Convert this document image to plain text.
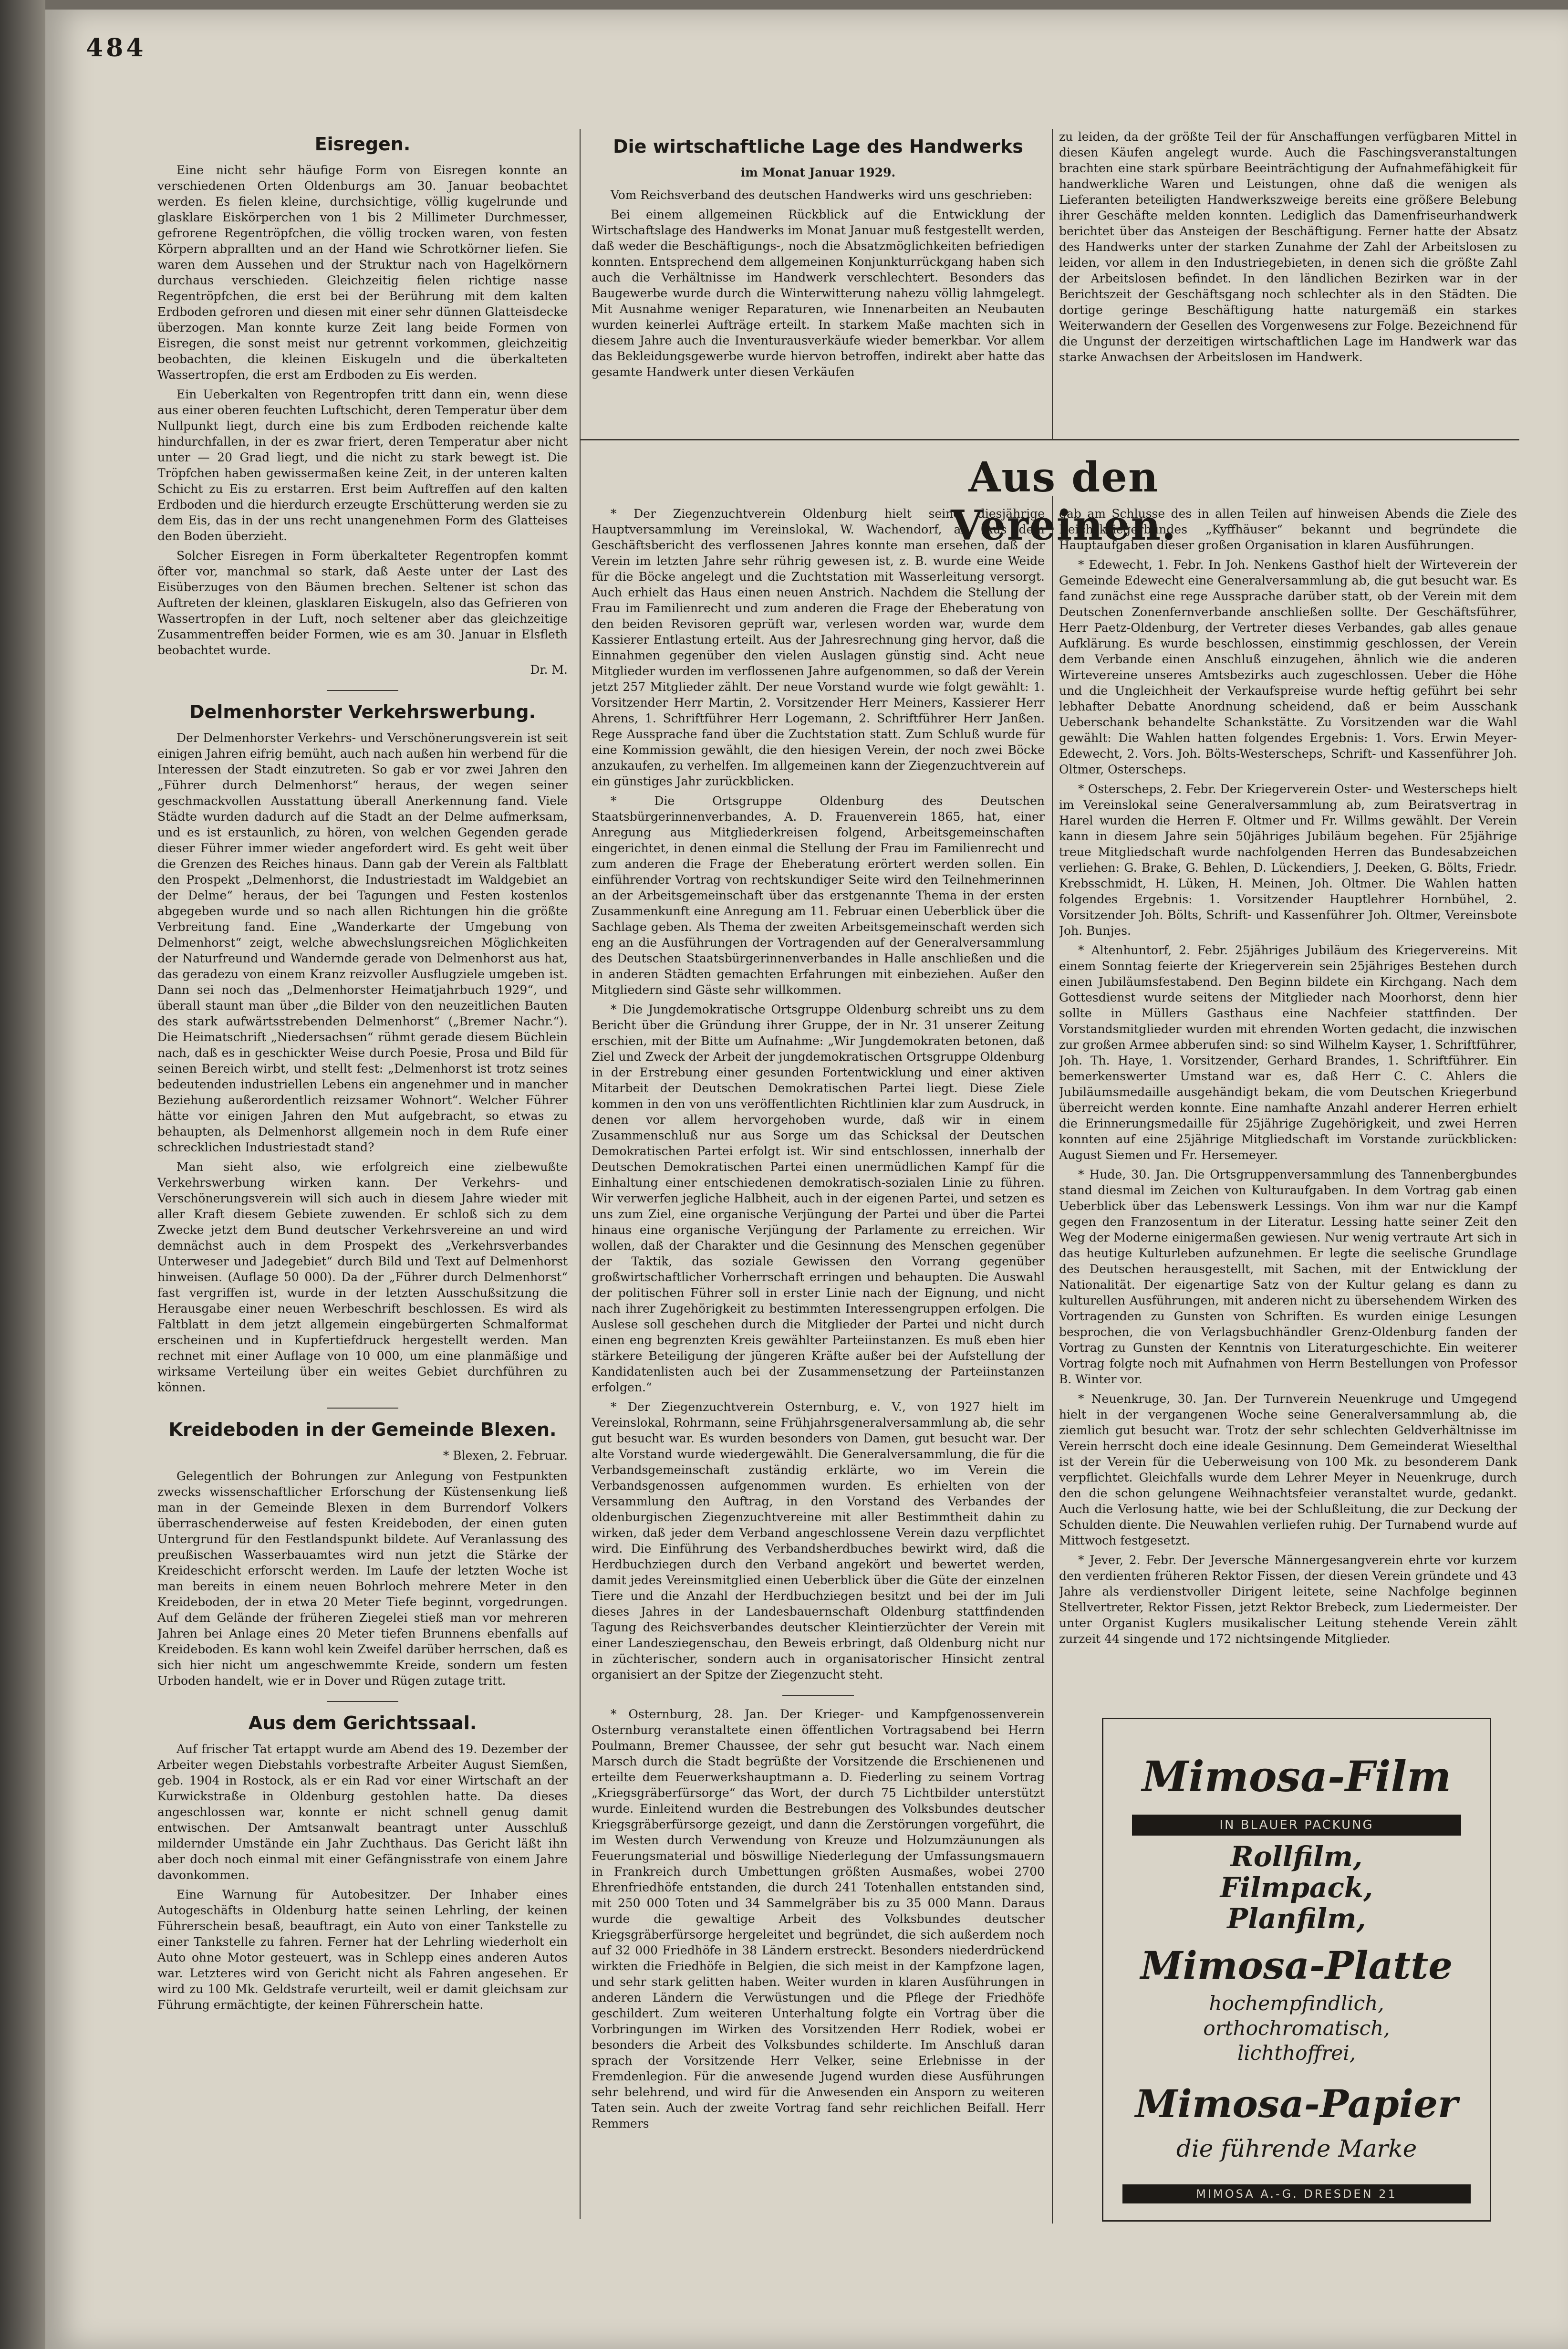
484
Eisregen.

Eine nicht sehr häufige Form von Eisregen konnte an verschiedenen Orten Oldenburgs am 30. Januar beobachtet werden. Es fielen kleine, durchsichtige, völlig kugelrunde und glasklare Eiskörperchen von 1 bis 2 Millimeter Durchmesser, gefrorene Regentröpfchen, die völlig trocken waren, von festen Körpern abprallten und an der Hand wie Schrotkörner liefen. Sie waren dem Aussehen und der Struktur nach von Hagelkörnern durchaus verschieden. Gleichzeitig fielen richtige nasse Regentröpfchen, die erst bei der Berührung mit dem kalten Erdboden gefroren und diesen mit einer sehr dünnen Glatteisdecke überzogen. Man konnte kurze Zeit lang beide Formen von Eisregen, die sonst meist nur getrennt vorkommen, gleichzeitig beobachten, die kleinen Eiskugeln und die überkalteten Wassertropfen, die erst am Erdboden zu Eis werden.

Ein Ueberkalten von Regentropfen tritt dann ein, wenn diese aus einer oberen feuchten Luftschicht, deren Temperatur über dem Nullpunkt liegt, durch eine bis zum Erdboden reichende kalte hindurchfallen, in der es zwar friert, deren Temperatur aber nicht unter — 20 Grad liegt, und die nicht zu stark bewegt ist. Die Tröpfchen haben gewissermaßen keine Zeit, in der unteren kalten Schicht zu Eis zu erstarren. Erst beim Auftreffen auf den kalten Erdboden und die hierdurch erzeugte Erschütterung werden sie zu dem Eis, das in der uns recht unangenehmen Form des Glatteises den Boden überzieht.

Solcher Eisregen in Form überkalteter Regentropfen kommt öfter vor, manchmal so stark, daß Aeste unter der Last des Eisüberzuges von den Bäumen brechen. Seltener ist schon das Auftreten der kleinen, glasklaren Eiskugeln, also das Gefrieren von Wassertropfen in der Luft, noch seltener aber das gleichzeitige Zusammentreffen beider Formen, wie es am 30. Januar in Elsfleth beobachtet wurde.

Dr. M.

Delmenhorster Verkehrswerbung.

Der Delmenhorster Verkehrs- und Verschönerungsverein ist seit einigen Jahren eifrig bemüht, auch nach außen hin werbend für die Interessen der Stadt einzutreten. So gab er vor zwei Jahren den „Führer durch Delmenhorst“ heraus, der wegen seiner geschmackvollen Ausstattung überall Anerkennung fand. Viele Städte wurden dadurch auf die Stadt an der Delme aufmerksam, und es ist erstaunlich, zu hören, von welchen Gegenden gerade dieser Führer immer wieder angefordert wird. Es geht weit über die Grenzen des Reiches hinaus. Dann gab der Verein als Faltblatt den Prospekt „Delmenhorst, die Industriestadt im Waldgebiet an der Delme“ heraus, der bei Tagungen und Festen kostenlos abgegeben wurde und so nach allen Richtungen hin die größte Verbreitung fand. Eine „Wanderkarte der Umgebung von Delmenhorst“ zeigt, welche abwechslungsreichen Möglichkeiten der Naturfreund und Wandernde gerade von Delmenhorst aus hat, das geradezu von einem Kranz reizvoller Ausflugziele umgeben ist. Dann sei noch das „Delmenhorster Heimatjahrbuch 1929“, und überall staunt man über „die Bilder von den neuzeitlichen Bauten des stark aufwärtsstrebenden Delmenhorst“ („Bremer Nachr.“). Die Heimatschrift „Niedersachsen“ rühmt gerade diesem Büchlein nach, daß es in geschickter Weise durch Poesie, Prosa und Bild für seinen Bereich wirbt, und stellt fest: „Delmenhorst ist trotz seines bedeutenden industriellen Lebens ein angenehmer und in mancher Beziehung außerordentlich reizsamer Wohnort“. Welcher Führer hätte vor einigen Jahren den Mut aufgebracht, so etwas zu behaupten, als Delmenhorst allgemein noch in dem Rufe einer schrecklichen Industriestadt stand?

Man sieht also, wie erfolgreich eine zielbewußte Verkehrswerbung wirken kann. Der Verkehrs- und Verschönerungsverein will sich auch in diesem Jahre wieder mit aller Kraft diesem Gebiete zuwenden. Er schloß sich zu dem Zwecke jetzt dem Bund deutscher Verkehrsvereine an und wird demnächst auch in dem Prospekt des „Verkehrsverbandes Unterweser und Jadegebiet“ durch Bild und Text auf Delmenhorst hinweisen. (Auflage 50 000). Da der „Führer durch Delmenhorst“ fast vergriffen ist, wurde in der letzten Ausschußsitzung die Herausgabe einer neuen Werbeschrift beschlossen. Es wird als Faltblatt in dem jetzt allgemein eingebürgerten Schmalformat erscheinen und in Kupfertiefdruck hergestellt werden. Man rechnet mit einer Auflage von 10 000, um eine planmäßige und wirksame Verteilung über ein weites Gebiet durchführen zu können.

Kreideboden in der Gemeinde Blexen.
* Blexen, 2. Februar.

Gelegentlich der Bohrungen zur Anlegung von Festpunkten zwecks wissenschaftlicher Erforschung der Küstensenkung ließ man in der Gemeinde Blexen in dem Burrendorf Volkers überraschenderweise auf festen Kreideboden, der einen guten Untergrund für den Festlandspunkt bildete. Auf Veranlassung des preußischen Wasserbauamtes wird nun jetzt die Stärke der Kreideschicht erforscht werden. Im Laufe der letzten Woche ist man bereits in einem neuen Bohrloch mehrere Meter in den Kreideboden, der in etwa 20 Meter Tiefe beginnt, vorgedrungen. Auf dem Gelände der früheren Ziegelei stieß man vor mehreren Jahren bei Anlage eines 20 Meter tiefen Brunnens ebenfalls auf Kreideboden. Es kann wohl kein Zweifel darüber herrschen, daß es sich hier nicht um angeschwemmte Kreide, sondern um festen Urboden handelt, wie er in Dover und Rügen zutage tritt.

Aus dem Gerichtssaal.

Auf frischer Tat ertappt wurde am Abend des 19. Dezember der Arbeiter wegen Diebstahls vorbestrafte Arbeiter August Siemßen, geb. 1904 in Rostock, als er ein Rad vor einer Wirtschaft an der Kurwickstraße in Oldenburg gestohlen hatte. Da dieses angeschlossen war, konnte er nicht schnell genug damit entwischen. Der Amtsanwalt beantragt unter Ausschluß mildernder Umstände ein Jahr Zuchthaus. Das Gericht läßt ihn aber doch noch einmal mit einer Gefängnisstrafe von einem Jahre davonkommen.

Eine Warnung für Autobesitzer. Der Inhaber eines Autogeschäfts in Oldenburg hatte seinen Lehrling, der keinen Führerschein besaß, beauftragt, ein Auto von einer Tankstelle zu einer Tankstelle zu fahren. Ferner hat der Lehrling wiederholt ein Auto ohne Motor gesteuert, was in Schlepp eines anderen Autos war. Letzteres wird von Gericht nicht als Fahren angesehen. Er wird zu 100 Mk. Geldstrafe verurteilt, weil er damit gleichsam zur Führung ermächtigte, der keinen Führerschein hatte.

Die wirtschaftliche Lage des Handwerks
im Monat Januar 1929.

Vom Reichsverband des deutschen Handwerks wird uns geschrieben:

Bei einem allgemeinen Rückblick auf die Entwicklung der Wirtschaftslage des Handwerks im Monat Januar muß festgestellt werden, daß weder die Beschäftigungs-, noch die Absatzmöglichkeiten befriedigen konnten. Entsprechend dem allgemeinen Konjunkturrückgang haben sich auch die Verhältnisse im Handwerk verschlechtert. Besonders das Baugewerbe wurde durch die Winterwitterung nahezu völlig lahmgelegt. Mit Ausnahme weniger Reparaturen, wie Innenarbeiten an Neubauten wurden keinerlei Aufträge erteilt. In starkem Maße machten sich in diesem Jahre auch die Inventurausverkäufe wieder bemerkbar. Vor allem das Bekleidungsgewerbe wurde hiervon betroffen, indirekt aber hatte das gesamte Handwerk unter diesen Verkäufen

zu leiden, da der größte Teil der für Anschaffungen verfügbaren Mittel in diesen Käufen angelegt wurde. Auch die Faschingsveranstaltungen brachten eine stark spürbare Beeinträchtigung der Aufnahmefähigkeit für handwerkliche Waren und Leistungen, ohne daß die wenigen als Lieferanten beteiligten Handwerkszweige bereits eine größere Belebung ihrer Geschäfte melden konnten. Lediglich das Damenfriseurhandwerk berichtet über das Ansteigen der Beschäftigung. Ferner hatte der Absatz des Handwerks unter der starken Zunahme der Zahl der Arbeitslosen zu leiden, vor allem in den Industriegebieten, in denen sich die größte Zahl der Arbeitslosen befindet. In den ländlichen Bezirken war in der Berichtszeit der Geschäftsgang noch schlechter als in den Städten. Die dortige geringe Beschäftigung hatte naturgemäß ein starkes Weiterwandern der Gesellen des Vorgenwesens zur Folge. Bezeichnend für die Ungunst der derzeitigen wirtschaftlichen Lage im Handwerk war das starke Anwachsen der Arbeitslosen im Handwerk.

Aus den Vereinen.

* Der Ziegenzuchtverein Oldenburg hielt seine diesjährige Hauptversammlung im Vereinslokal, W. Wachendorf, ab. Aus dem Geschäftsbericht des verflossenen Jahres konnte man ersehen, daß der Verein im letzten Jahre sehr rührig gewesen ist, z. B. wurde eine Weide für die Böcke angelegt und die Zuchtstation mit Wasserleitung versorgt. Auch erhielt das Haus einen neuen Anstrich. Nachdem die Stellung der Frau im Familienrecht und zum anderen die Frage der Eheberatung von den beiden Revisoren geprüft war, verlesen worden war, wurde dem Kassierer Entlastung erteilt. Aus der Jahresrechnung ging hervor, daß die Einnahmen gegenüber den vielen Auslagen günstig sind. Acht neue Mitglieder wurden im verflossenen Jahre aufgenommen, so daß der Verein jetzt 257 Mitglieder zählt. Der neue Vorstand wurde wie folgt gewählt: 1. Vorsitzender Herr Martin, 2. Vorsitzender Herr Meiners, Kassierer Herr Ahrens, 1. Schriftführer Herr Logemann, 2. Schriftführer Herr Janßen. Rege Aussprache fand über die Zuchtstation statt. Zum Schluß wurde für eine Kommission gewählt, die den hiesigen Verein, der noch zwei Böcke anzukaufen, zu verhelfen. Im allgemeinen kann der Ziegenzuchtverein auf ein günstiges Jahr zurückblicken.

* Die Ortsgruppe Oldenburg des Deutschen Staatsbürgerinnenverbandes, A. D. Frauenverein 1865, hat, einer Anregung aus Mitgliederkreisen folgend, Arbeitsgemeinschaften eingerichtet, in denen einmal die Stellung der Frau im Familienrecht und zum anderen die Frage der Eheberatung erörtert werden sollen. Ein einführender Vortrag von rechtskundiger Seite wird den Teilnehmerinnen an der Arbeitsgemeinschaft über das erstgenannte Thema in der ersten Zusammenkunft eine Anregung am 11. Februar einen Ueberblick über die Sachlage geben. Als Thema der zweiten Arbeitsgemeinschaft werden sich eng an die Ausführungen der Vortragenden auf der Generalversammlung des Deutschen Staatsbürgerinnenverbandes in Halle anschließen und die in anderen Städten gemachten Erfahrungen mit einbeziehen. Außer den Mitgliedern sind Gäste sehr willkommen.

* Die Jungdemokratische Ortsgruppe Oldenburg schreibt uns zu dem Bericht über die Gründung ihrer Gruppe, der in Nr. 31 unserer Zeitung erschien, mit der Bitte um Aufnahme: „Wir Jungdemokraten betonen, daß Ziel und Zweck der Arbeit der jungdemokratischen Ortsgruppe Oldenburg in der Erstrebung einer gesunden Fortentwicklung und einer aktiven Mitarbeit der Deutschen Demokratischen Partei liegt. Diese Ziele kommen in den von uns veröffentlichten Richtlinien klar zum Ausdruck, in denen vor allem hervorgehoben wurde, daß wir in einem Zusammenschluß nur aus Sorge um das Schicksal der Deutschen Demokratischen Partei erfolgt ist. Wir sind entschlossen, innerhalb der Deutschen Demokratischen Partei einen unermüdlichen Kampf für die Einhaltung einer entschiedenen demokratisch-sozialen Linie zu führen. Wir verwerfen jegliche Halbheit, auch in der eigenen Partei, und setzen es uns zum Ziel, eine organische Verjüngung der Partei und über die Partei hinaus eine organische Verjüngung der Parlamente zu erreichen. Wir wollen, daß der Charakter und die Gesinnung des Menschen gegenüber der Taktik, das soziale Gewissen den Vorrang gegenüber großwirtschaftlicher Vorherrschaft erringen und behaupten. Die Auswahl der politischen Führer soll in erster Linie nach der Eignung, und nicht nach ihrer Zugehörigkeit zu bestimmten Interessengruppen erfolgen. Die Auslese soll geschehen durch die Mitglieder der Partei und nicht durch einen eng begrenzten Kreis gewählter Parteiinstanzen. Es muß eben hier stärkere Beteiligung der jüngeren Kräfte außer bei der Aufstellung der Kandidatenlisten auch bei der Zusammensetzung der Parteiinstanzen erfolgen.“

* Der Ziegenzuchtverein Osternburg, e. V., von 1927 hielt im Vereinslokal, Rohrmann, seine Frühjahrsgeneralversammlung ab, die sehr gut besucht war. Es wurden besonders von Damen, gut besucht war. Der alte Vorstand wurde wiedergewählt. Die Generalversammlung, die für die Verbandsgemeinschaft zuständig erklärte, wo im Verein die Verbandsgenossen aufgenommen wurden. Es erhielten von der Versammlung den Auftrag, in den Vorstand des Verbandes der oldenburgischen Ziegenzuchtvereine mit aller Bestimmtheit dahin zu wirken, daß jeder dem Verband angeschlossene Verein dazu verpflichtet wird. Die Einführung des Verbandsherdbuches bewirkt wird, daß die Herdbuchziegen durch den Verband angekört und bewertet werden, damit jedes Vereinsmitglied einen Ueberblick über die Güte der einzelnen Tiere und die Anzahl der Herdbuchziegen besitzt und bei der im Juli dieses Jahres in der Landesbauernschaft Oldenburg stattfindenden Tagung des Reichsverbandes deutscher Kleintierzüchter der Verein mit einer Landesziegenschau, den Beweis erbringt, daß Oldenburg nicht nur in züchterischer, sondern auch in organisatorischer Hinsicht zentral organisiert an der Spitze der Ziegenzucht steht.

* Osternburg, 28. Jan. Der Krieger- und Kampfgenossenverein Osternburg veranstaltete einen öffentlichen Vortragsabend bei Herrn Poulmann, Bremer Chaussee, der sehr gut besucht war. Nach einem Marsch durch die Stadt begrüßte der Vorsitzende die Erschienenen und erteilte dem Feuerwerkshauptmann a. D. Fiederling zu seinem Vortrag „Kriegsgräberfürsorge“ das Wort, der durch 75 Lichtbilder unterstützt wurde. Einleitend wurden die Bestrebungen des Volksbundes deutscher Kriegsgräberfürsorge gezeigt, und dann die Zerstörungen vorgeführt, die im Westen durch Verwendung von Kreuze und Holzumzäunungen als Feuerungsmaterial und böswillige Niederlegung der Umfassungsmauern in Frankreich durch Umbettungen größten Ausmaßes, wobei 2700 Ehrenfriedhöfe entstanden, die durch 241 Totenhallen entstanden sind, mit 250 000 Toten und 34 Sammelgräber bis zu 35 000 Mann. Daraus wurde die gewaltige Arbeit des Volksbundes deutscher Kriegsgräberfürsorge hergeleitet und begründet, die sich außerdem noch auf 32 000 Friedhöfe in 38 Ländern erstreckt. Besonders niederdrückend wirkten die Friedhöfe in Belgien, die sich meist in der Kampfzone lagen, und sehr stark gelitten haben. Weiter wurden in klaren Ausführungen in anderen Ländern die Verwüstungen und die Pflege der Friedhöfe geschildert. Zum weiteren Unterhaltung folgte ein Vortrag über die Vorbringungen im Wirken des Vorsitzenden Herr Rodiek, wobei er besonders die Arbeit des Volksbundes schilderte. Im Anschluß daran sprach der Vorsitzende Herr Velker, seine Erlebnisse in der Fremdenlegion. Für die anwesende Jugend wurden diese Ausführungen sehr belehrend, und wird für die Anwesenden ein Ansporn zu weiteren Taten sein. Auch der zweite Vortrag fand sehr reichlichen Beifall. Herr Remmers

gab am Schlusse des in allen Teilen auf hinweisen Abends die Ziele des Reichskriegerbundes „Kyffhäuser“ bekannt und begründete die Hauptaufgaben dieser großen Organisation in klaren Ausführungen.

* Edewecht, 1. Febr. In Joh. Nenkens Gasthof hielt der Wirteverein der Gemeinde Edewecht eine Generalversammlung ab, die gut besucht war. Es fand zunächst eine rege Aussprache darüber statt, ob der Verein mit dem Deutschen Zonenfernverbande anschließen sollte. Der Geschäftsführer, Herr Paetz-Oldenburg, der Vertreter dieses Verbandes, gab alles genaue Aufklärung. Es wurde beschlossen, einstimmig geschlossen, der Verein dem Verbande einen Anschluß einzugehen, ähnlich wie die anderen Wirtevereine unseres Amtsbezirks auch zugeschlossen. Ueber die Höhe und die Ungleichheit der Verkaufspreise wurde heftig geführt bei sehr lebhafter Debatte Anordnung scheidend, daß er beim Ausschank Ueberschank behandelte Schankstätte. Zu Vorsitzenden war die Wahl gewählt: Die Wahlen hatten folgendes Ergebnis: 1. Vors. Erwin Meyer-Edewecht, 2. Vors. Joh. Bölts-Westerscheps, Schrift- und Kassenführer Joh. Oltmer, Osterscheps.

* Osterscheps, 2. Febr. Der Kriegerverein Oster- und Westerscheps hielt im Vereinslokal seine Generalversammlung ab, zum Beiratsvertrag in Harel wurden die Herren F. Oltmer und Fr. Willms gewählt. Der Verein kann in diesem Jahre sein 50jähriges Jubiläum begehen. Für 25jährige treue Mitgliedschaft wurde nachfolgenden Herren das Bundesabzeichen verliehen: G. Brake, G. Behlen, D. Lückendiers, J. Deeken, G. Bölts, Friedr. Krebsschmidt, H. Lüken, H. Meinen, Joh. Oltmer. Die Wahlen hatten folgendes Ergebnis: 1. Vorsitzender Hauptlehrer Hornbühel, 2. Vorsitzender Joh. Bölts, Schrift- und Kassenführer Joh. Oltmer, Vereinsbote Joh. Bunjes.

* Altenhuntorf, 2. Febr. 25jähriges Jubiläum des Kriegervereins. Mit einem Sonntag feierte der Kriegerverein sein 25jähriges Bestehen durch einen Jubiläumsfestabend. Den Beginn bildete ein Kirchgang. Nach dem Gottesdienst wurde seitens der Mitglieder nach Moorhorst, denn hier sollte in Müllers Gasthaus eine Nachfeier stattfinden. Der Vorstandsmitglieder wurden mit ehrenden Worten gedacht, die inzwischen zur großen Armee abberufen sind: so sind Wilhelm Kayser, 1. Schriftführer, Joh. Th. Haye, 1. Vorsitzender, Gerhard Brandes, 1. Schriftführer. Ein bemerkenswerter Umstand war es, daß Herr C. C. Ahlers die Jubiläumsmedaille ausgehändigt bekam, die vom Deutschen Kriegerbund überreicht werden konnte. Eine namhafte Anzahl anderer Herren erhielt die Erinnerungsmedaille für 25jährige Zugehörigkeit, und zwei Herren konnten auf eine 25jährige Mitgliedschaft im Vorstande zurückblicken: August Siemen und Fr. Hersemeyer.

* Hude, 30. Jan. Die Ortsgruppenversammlung des Tannenbergbundes stand diesmal im Zeichen von Kulturaufgaben. In dem Vortrag gab einen Ueberblick über das Lebenswerk Lessings. Von ihm war nur die Kampf gegen den Franzosentum in der Literatur. Lessing hatte seiner Zeit den Weg der Moderne einigermaßen gewiesen. Nur wenig vertraute Art sich in das heutige Kulturleben aufzunehmen. Er legte die seelische Grundlage des Deutschen herausgestellt, mit Sachen, mit der Entwicklung der Nationalität. Der eigenartige Satz von der Kultur gelang es dann zu kulturellen Ausführungen, mit anderen nicht zu übersehendem Wirken des Vortragenden zu Gunsten von Schriften. Es wurden einige Lesungen besprochen, die von Verlagsbuchhändler Grenz-Oldenburg fanden der Vortrag zu Gunsten der Kenntnis von Literaturgeschichte. Ein weiterer Vortrag folgte noch mit Aufnahmen von Herrn Bestellungen von Professor B. Winter vor.

* Neuenkruge, 30. Jan. Der Turnverein Neuenkruge und Umgegend hielt in der vergangenen Woche seine Generalversammlung ab, die ziemlich gut besucht war. Trotz der sehr schlechten Geldverhältnisse im Verein herrscht doch eine ideale Gesinnung. Dem Gemeinderat Wieselthal ist der Verein für die Ueberweisung von 100 Mk. zu besonderem Dank verpflichtet. Gleichfalls wurde dem Lehrer Meyer in Neuenkruge, durch den die schon gelungene Weihnachtsfeier veranstaltet wurde, gedankt. Auch die Verlosung hatte, wie bei der Schlußleitung, die zur Deckung der Schulden diente. Die Neuwahlen verliefen ruhig. Der Turnabend wurde auf Mittwoch festgesetzt.

* Jever, 2. Febr. Der Jeversche Männergesangverein ehrte vor kurzem den verdienten früheren Rektor Fissen, der diesen Verein gründete und 43 Jahre als verdienstvoller Dirigent leitete, seine Nachfolge beginnen Stellvertreter, Rektor Fissen, jetzt Rektor Brebeck, zum Liedermeister. Der unter Organist Kuglers musikalischer Leitung stehende Verein zählt zurzeit 44 singende und 172 nichtsingende Mitglieder.

Mimosa-Film
IN BLAUER PACKUNG
Rollfilm,
Filmpack,
Planfilm,
Mimosa-Platte
hochempfindlich,
orthochromatisch,
lichthoffrei,
Mimosa-Papier
die führende Marke
MIMOSA A.-G. DRESDEN 21
